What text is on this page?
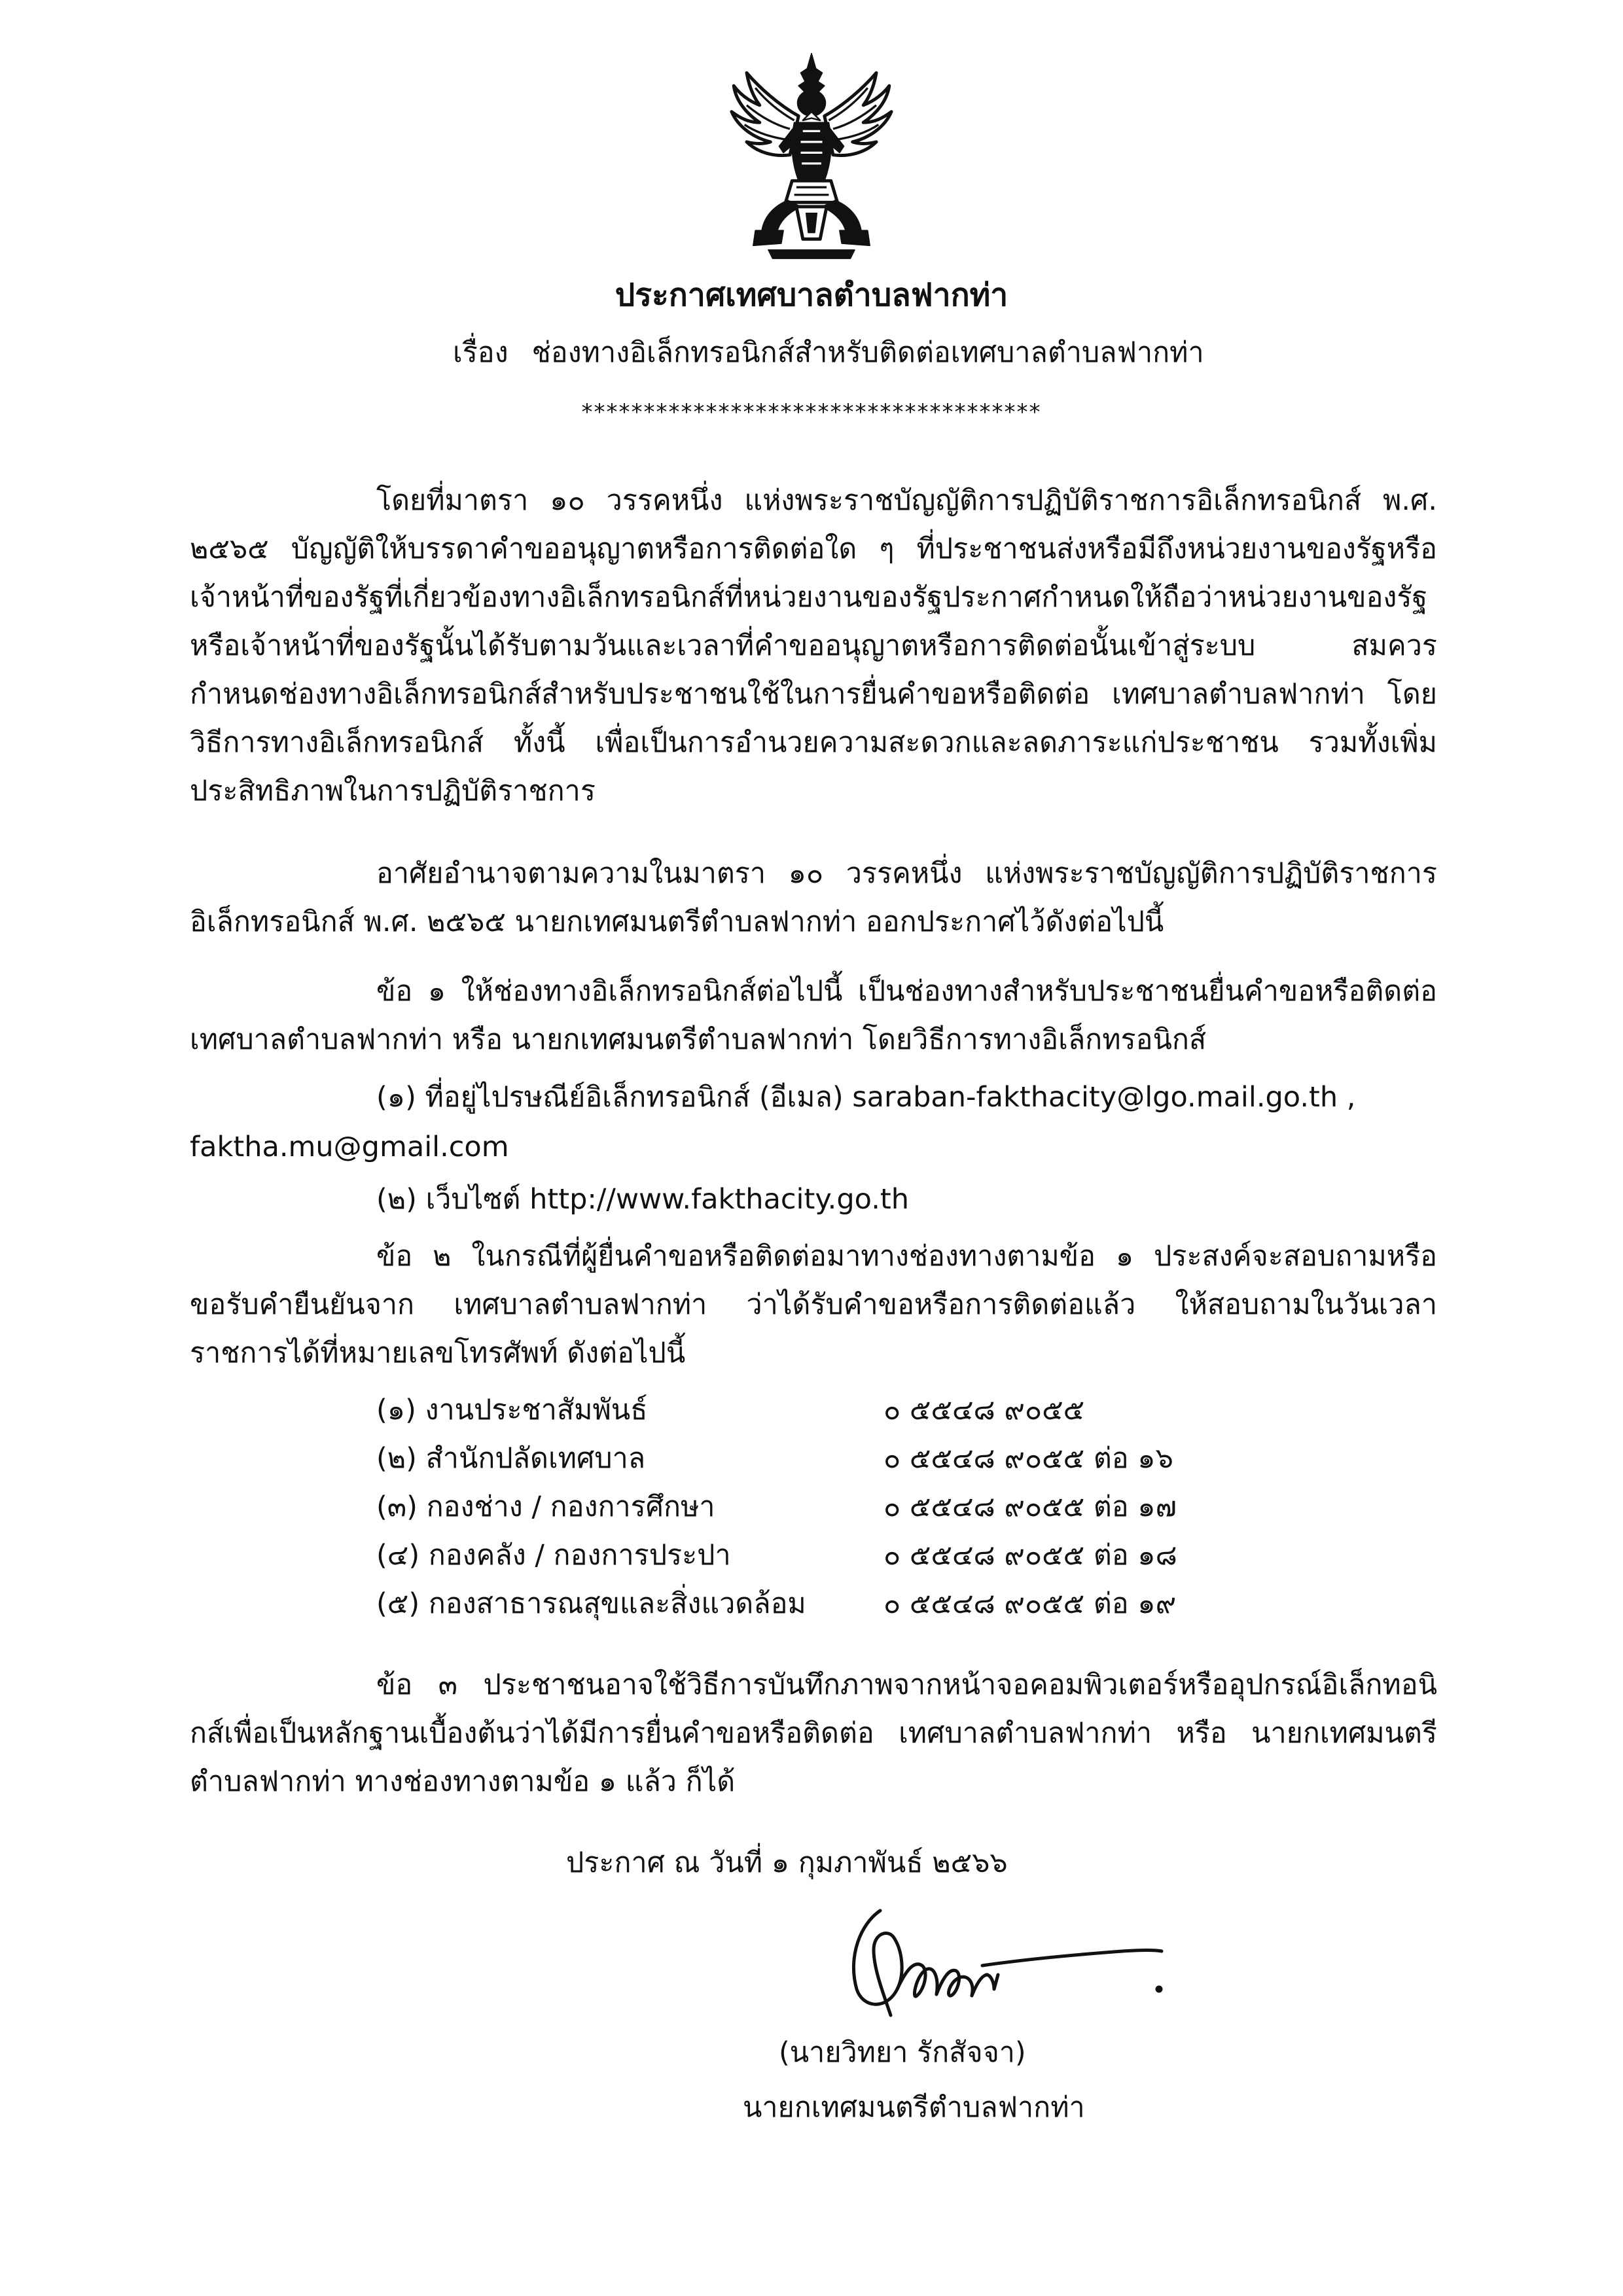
ประกาศเทศบาลตำบลฟากท่า
เรื่อง ช่องทางอิเล็กทรอนิกส์สำหรับติดต่อเทศบาลตำบลฟากท่า
*************************************

โดยที่มาตรา ๑๐ วรรคหนึ่ง แห่งพระราชบัญญัติการปฏิบัติราชการอิเล็กทรอนิกส์ พ.ศ. ๒๕๖๕ บัญญัติให้บรรดาคำขออนุญาตหรือการติดต่อใด ๆ ที่ประชาชนส่งหรือมีถึงหน่วยงานของรัฐหรือเจ้าหน้าที่ของรัฐที่เกี่ยวข้องทางอิเล็กทรอนิกส์ที่หน่วยงานของรัฐประกาศกำหนดให้ถือว่าหน่วยงานของรัฐหรือเจ้าหน้าที่ของรัฐนั้นได้รับตามวันและเวลาที่คำขออนุญาตหรือการติดต่อนั้นเข้าสู่ระบบ สมควรกำหนดช่องทางอิเล็กทรอนิกส์สำหรับประชาชนใช้ในการยื่นคำขอหรือติดต่อ เทศบาลตำบลฟากท่า โดยวิธีการทางอิเล็กทรอนิกส์ ทั้งนี้ เพื่อเป็นการอำนวยความสะดวกและลดภาระแก่ประชาชน รวมทั้งเพิ่มประสิทธิภาพในการปฏิบัติราชการ

อาศัยอำนาจตามความในมาตรา ๑๐ วรรคหนึ่ง แห่งพระราชบัญญัติการปฏิบัติราชการอิเล็กทรอนิกส์ พ.ศ. ๒๕๖๕ นายกเทศมนตรีตำบลฟากท่า ออกประกาศไว้ดังต่อไปนี้

ข้อ ๑ ให้ช่องทางอิเล็กทรอนิกส์ต่อไปนี้ เป็นช่องทางสำหรับประชาชนยื่นคำขอหรือติดต่อเทศบาลตำบลฟากท่า หรือ นายกเทศมนตรีตำบลฟากท่า โดยวิธีการทางอิเล็กทรอนิกส์

(๑) ที่อยู่ไปรษณีย์อิเล็กทรอนิกส์ (อีเมล) saraban-fakthacity@lgo.mail.go.th ,
faktha.mu@gmail.com
(๒) เว็บไซต์ http://www.fakthacity.go.th

ข้อ ๒ ในกรณีที่ผู้ยื่นคำขอหรือติดต่อมาทางช่องทางตามข้อ ๑ ประสงค์จะสอบถามหรือขอรับคำยืนยันจาก เทศบาลตำบลฟากท่า ว่าได้รับคำขอหรือการติดต่อแล้ว ให้สอบถามในวันเวลาราชการได้ที่หมายเลขโทรศัพท์ ดังต่อไปนี้

(๑) งานประชาสัมพันธ์	๐ ๕๕๔๘ ๙๐๕๕
(๒) สำนักปลัดเทศบาล	๐ ๕๕๔๘ ๙๐๕๕ ต่อ ๑๖
(๓) กองช่าง / กองการศึกษา	๐ ๕๕๔๘ ๙๐๕๕ ต่อ ๑๗
(๔) กองคลัง / กองการประปา	๐ ๕๕๔๘ ๙๐๕๕ ต่อ ๑๘
(๕) กองสาธารณสุขและสิ่งแวดล้อม	๐ ๕๕๔๘ ๙๐๕๕ ต่อ ๑๙

ข้อ ๓ ประชาชนอาจใช้วิธีการบันทึกภาพจากหน้าจอคอมพิวเตอร์หรืออุปกรณ์อิเล็กทอนิกส์เพื่อเป็นหลักฐานเบื้องต้นว่าได้มีการยื่นคำขอหรือติดต่อ เทศบาลตำบลฟากท่า หรือ นายกเทศมนตรีตำบลฟากท่า ทางช่องทางตามข้อ ๑ แล้ว ก็ได้

ประกาศ ณ วันที่ ๑ กุมภาพันธ์ ๒๕๖๖
(นายวิทยา รักสัจจา)
นายกเทศมนตรีตำบลฟากท่า
